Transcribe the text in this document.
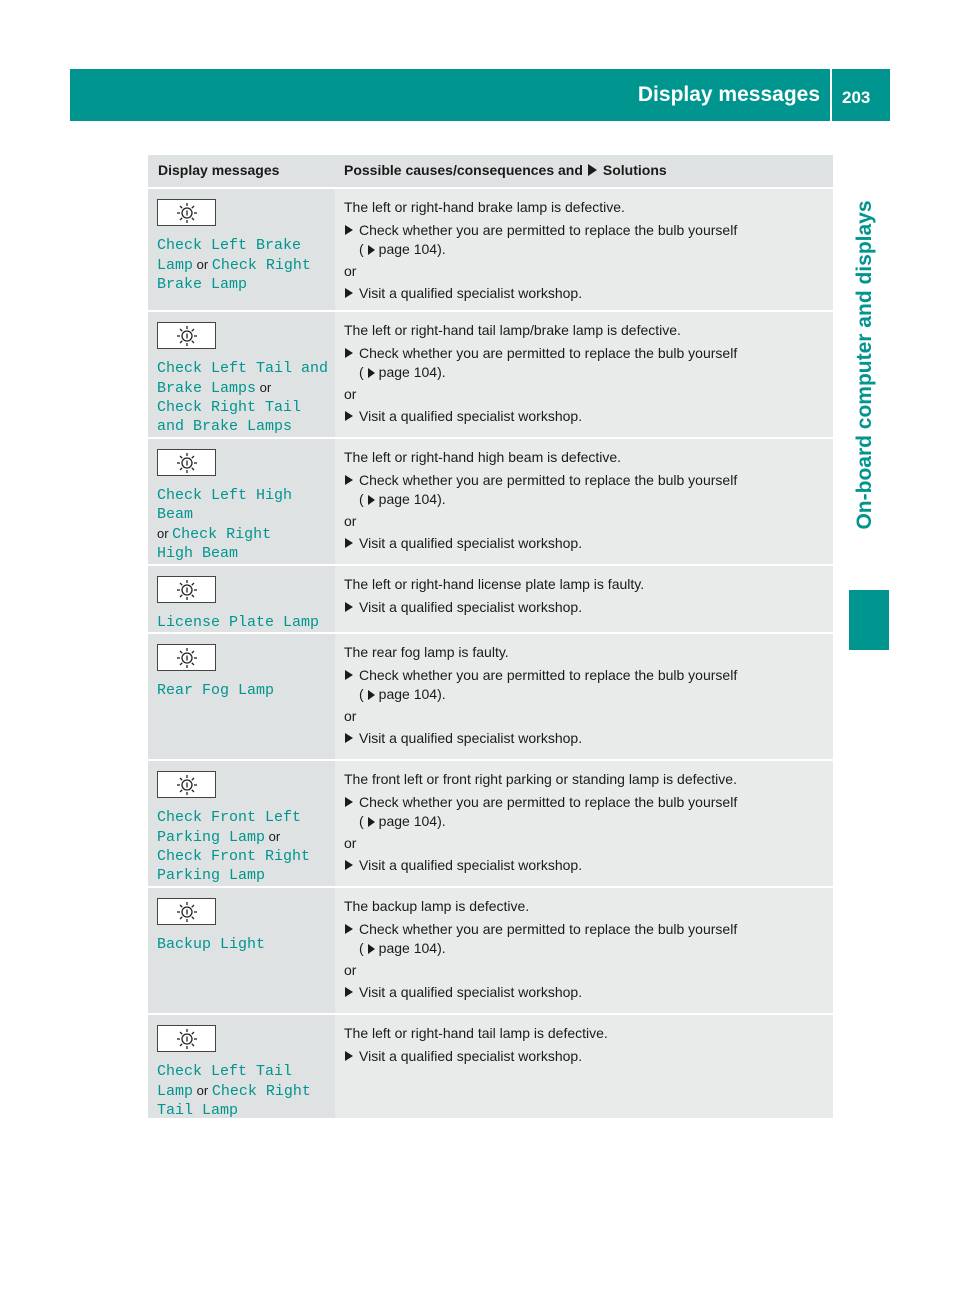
Display messages 203
On-board computer and displays
Display messages	Possible causes/consequences and Solutions
Check Left Brake
Lamp or Check Right
Brake Lamp
The left or right-hand brake lamp is defective.
Check whether you are permitted to replace the bulb yourself
( page 104).
or
Visit a qualified specialist workshop.
Check Left Tail and
Brake Lamps or
Check Right Tail
and Brake Lamps
The left or right-hand tail lamp/brake lamp is defective.
Check whether you are permitted to replace the bulb yourself
( page 104).
or
Visit a qualified specialist workshop.
Check Left High Beam
or Check Right
High Beam
The left or right-hand high beam is defective.
Check whether you are permitted to replace the bulb yourself
( page 104).
or
Visit a qualified specialist workshop.
License Plate Lamp
The left or right-hand license plate lamp is faulty.
Visit a qualified specialist workshop.
Rear Fog Lamp
The rear fog lamp is faulty.
Check whether you are permitted to replace the bulb yourself
( page 104).
or
Visit a qualified specialist workshop.
Check Front Left
Parking Lamp or
Check Front Right
Parking Lamp
The front left or front right parking or standing lamp is defective.
Check whether you are permitted to replace the bulb yourself
( page 104).
or
Visit a qualified specialist workshop.
Backup Light
The backup lamp is defective.
Check whether you are permitted to replace the bulb yourself
( page 104).
or
Visit a qualified specialist workshop.
Check Left Tail
Lamp or Check Right
Tail Lamp
The left or right-hand tail lamp is defective.
Visit a qualified specialist workshop.
